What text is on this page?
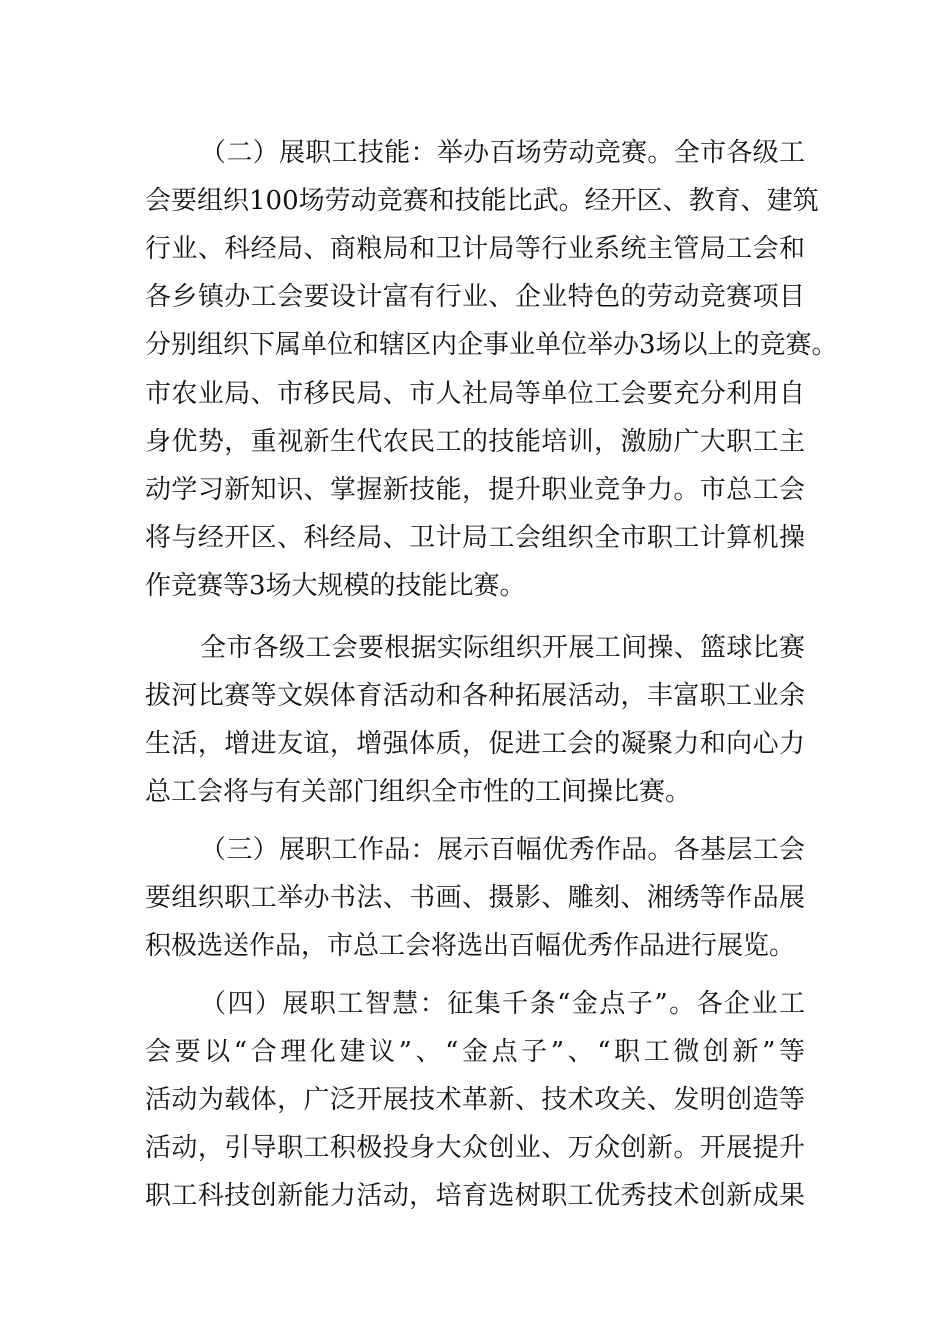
（二）展职工技能：举办百场劳动竞赛。全市各级工
会要组织100场劳动竞赛和技能比武。经开区、教育、建筑
行业、科经局、商粮局和卫计局等行业系统主管局工会和
各乡镇办工会要设计富有行业、企业特色的劳动竞赛项目
分别组织下属单位和辖区内企事业单位举办3场以上的竞赛。
市农业局、市移民局、市人社局等单位工会要充分利用自
身优势，重视新生代农民工的技能培训，激励广大职工主
动学习新知识、掌握新技能，提升职业竞争力。市总工会
将与经开区、科经局、卫计局工会组织全市职工计算机操
作竞赛等3场大规模的技能比赛。
全市各级工会要根据实际组织开展工间操、篮球比赛
拔河比赛等文娱体育活动和各种拓展活动，丰富职工业余
生活，增进友谊，增强体质，促进工会的凝聚力和向心力
总工会将与有关部门组织全市性的工间操比赛。
（三）展职工作品：展示百幅优秀作品。各基层工会
要组织职工举办书法、书画、摄影、雕刻、湘绣等作品展
积极选送作品，市总工会将选出百幅优秀作品进行展览。
（四）展职工智慧：征集千条“金点子”。各企业工
会要以“合理化建议”、“金点子”、“职工微创新”等
活动为载体，广泛开展技术革新、技术攻关、发明创造等
活动，引导职工积极投身大众创业、万众创新。开展提升
职工科技创新能力活动，培育选树职工优秀技术创新成果
